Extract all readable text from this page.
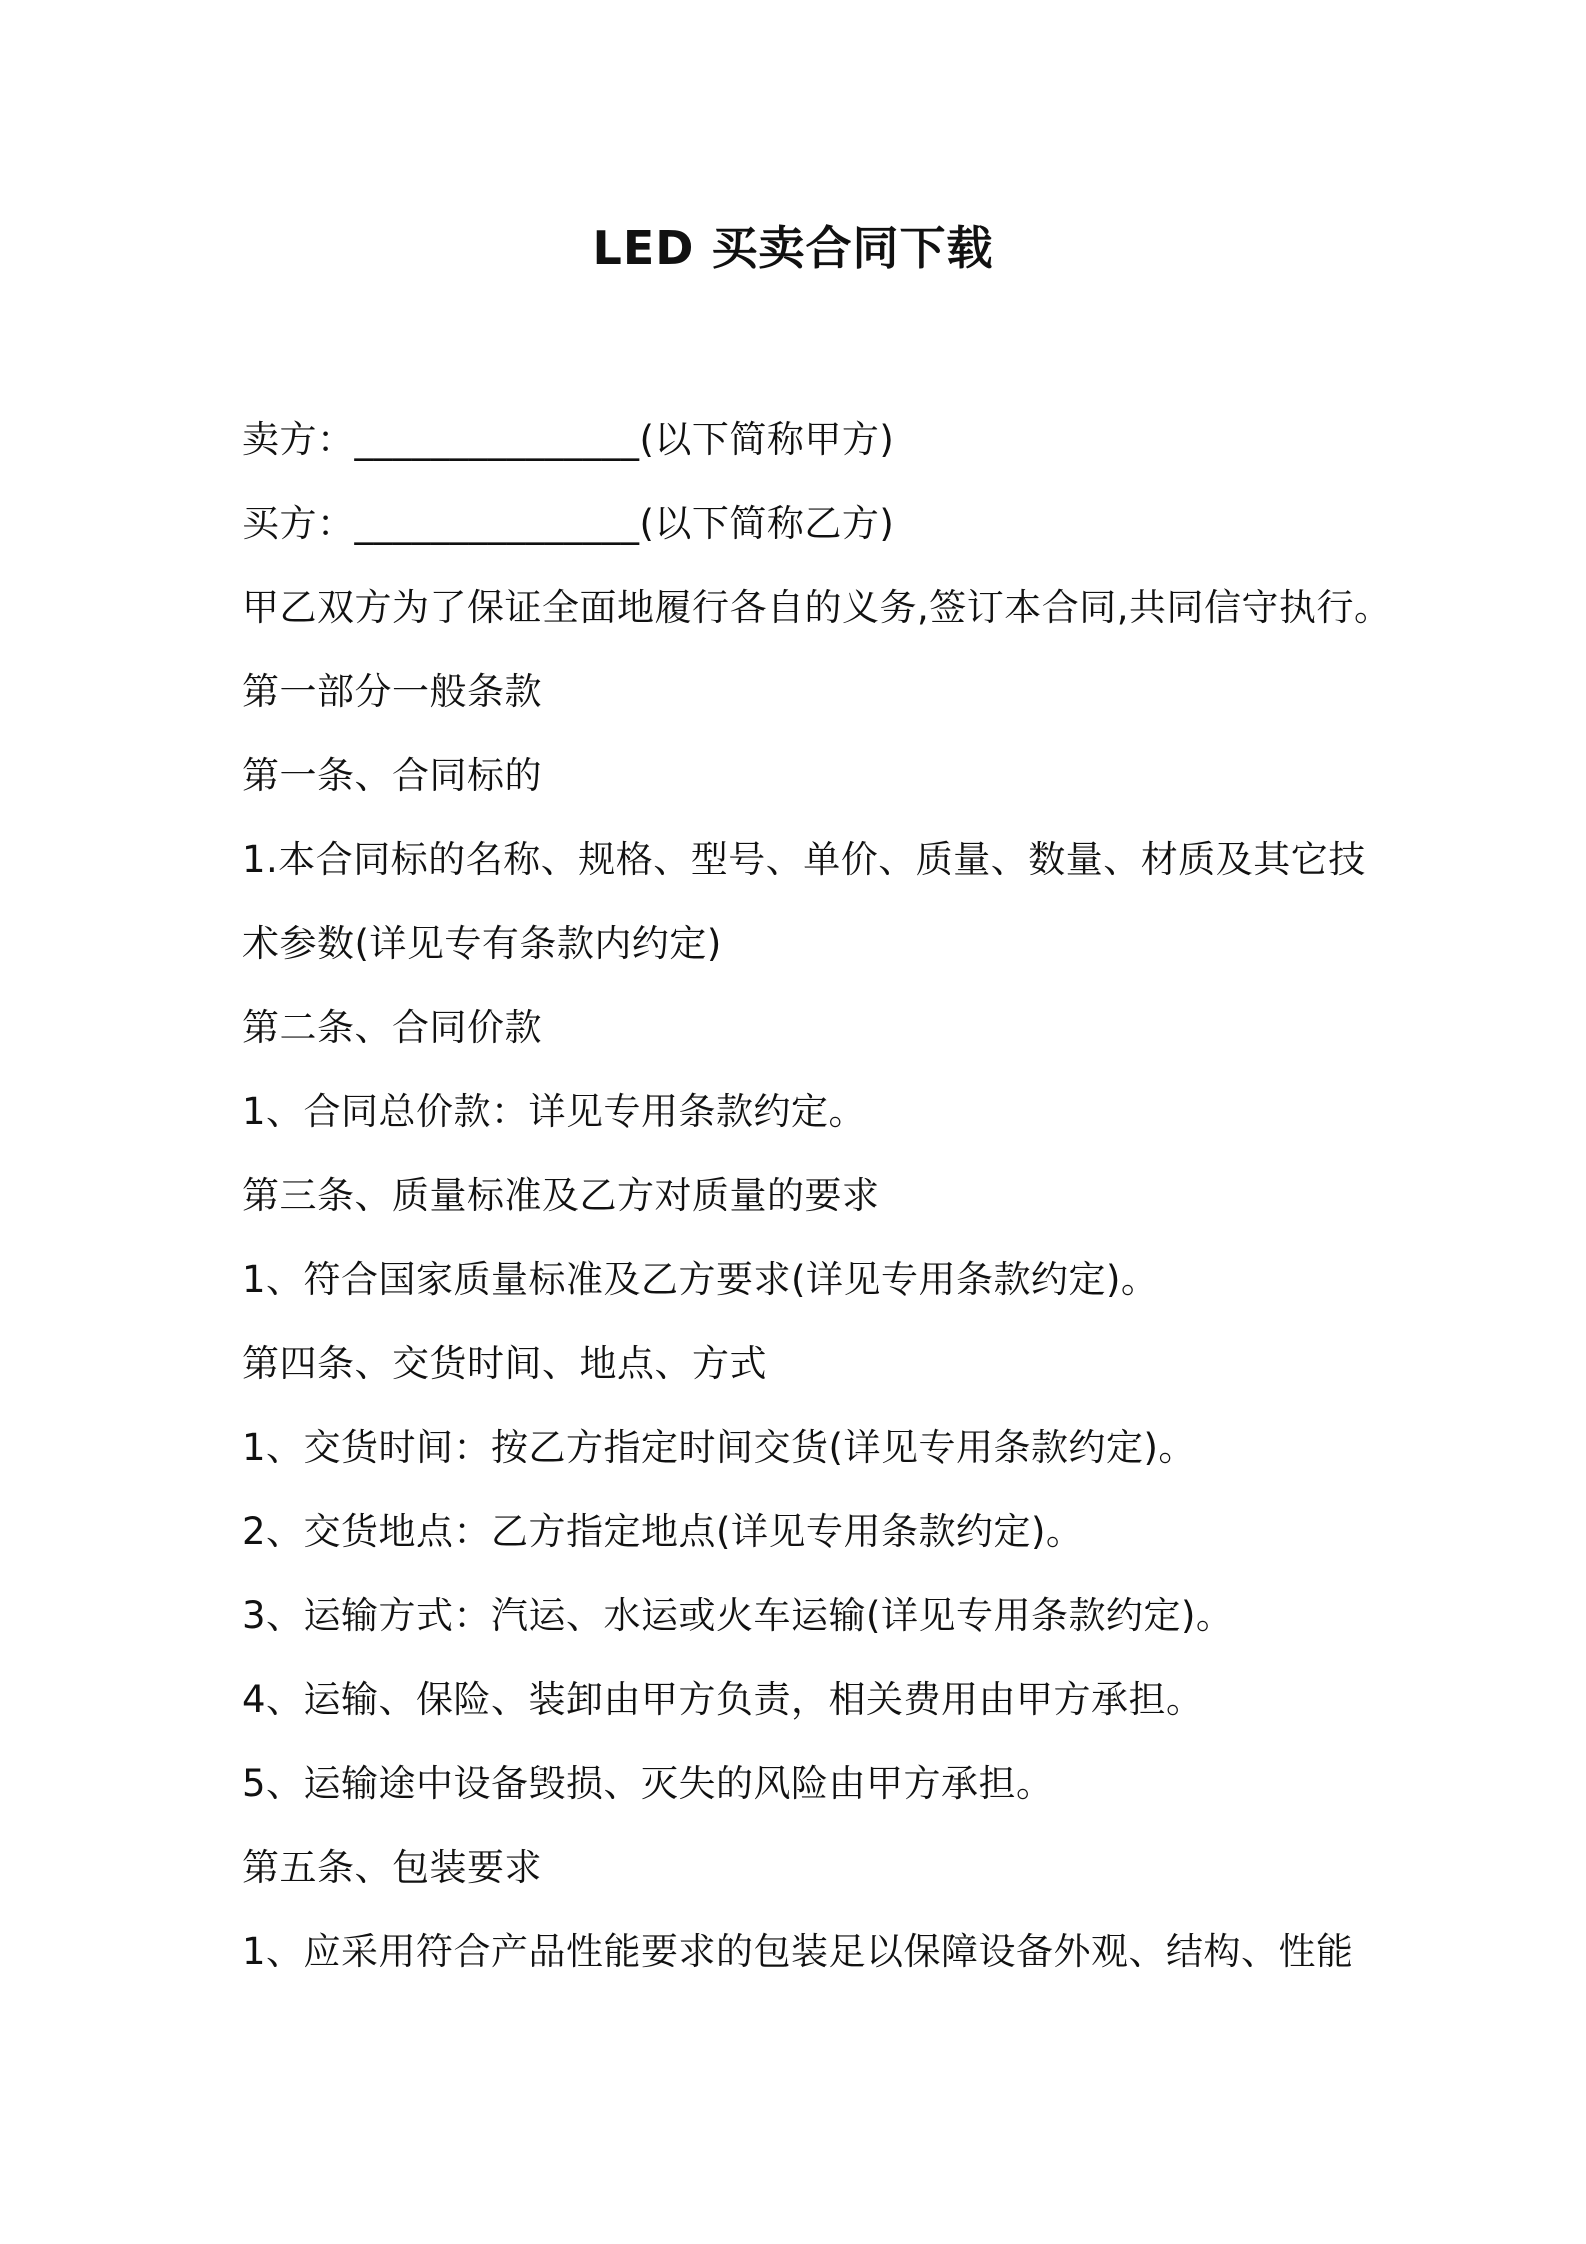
LED 买卖合同下载
卖方：_______________(以下简称甲方)
买方：_______________(以下简称乙方)
甲乙双方为了保证全面地履行各自的义务,签订本合同,共同信守执行。
第一部分一般条款
第一条、合同标的
1.本合同标的名称、规格、型号、单价、质量、数量、材质及其它技
术参数(详见专有条款内约定)
第二条、合同价款
1、合同总价款：详见专用条款约定。
第三条、质量标准及乙方对质量的要求
1、符合国家质量标准及乙方要求(详见专用条款约定)。
第四条、交货时间、地点、方式
1、交货时间：按乙方指定时间交货(详见专用条款约定)。
2、交货地点：乙方指定地点(详见专用条款约定)。
3、运输方式：汽运、水运或火车运输(详见专用条款约定)。
4、运输、保险、装卸由甲方负责，相关费用由甲方承担。
5、运输途中设备毁损、灭失的风险由甲方承担。
第五条、包装要求
1、应采用符合产品性能要求的包装足以保障设备外观、结构、性能
